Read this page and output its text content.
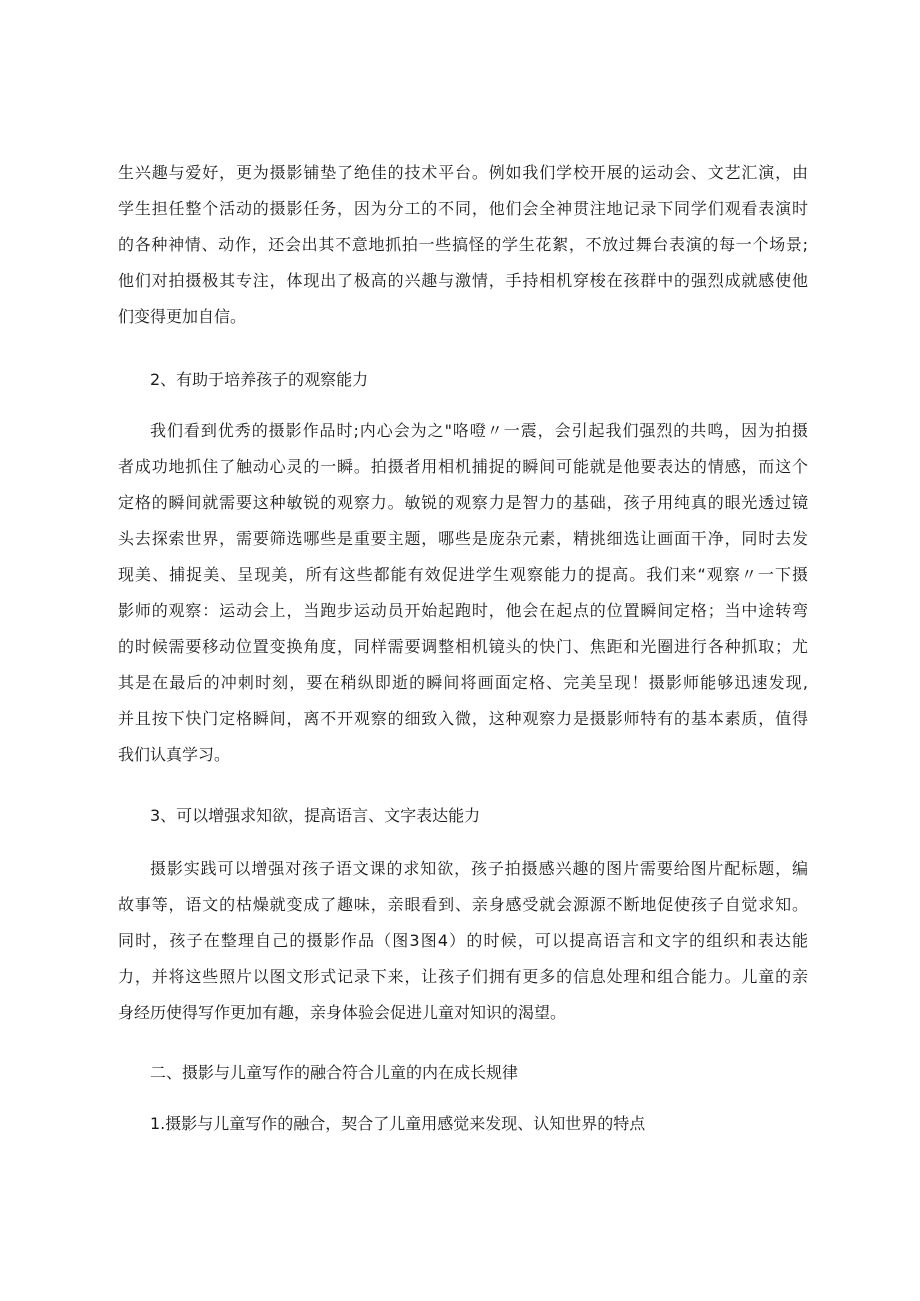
生兴趣与爱好，更为摄影铺垫了绝佳的技术平台。例如我们学校开展的运动会、文艺汇演，由
学生担任整个活动的摄影任务，因为分工的不同，他们会全神贯注地记录下同学们观看表演时
的各种神情、动作，还会出其不意地抓拍一些搞怪的学生花絮，不放过舞台表演的每一个场景;
他们对拍摄极其专注，体现出了极高的兴趣与激情，手持相机穿梭在孩群中的强烈成就感使他
们变得更加自信。
2、有助于培养孩子的观察能力
我们看到优秀的摄影作品时;内心会为之"咯噔〃一震，会引起我们强烈的共鸣，因为拍摄
者成功地抓住了触动心灵的一瞬。拍摄者用相机捕捉的瞬间可能就是他要表达的情感，而这个
定格的瞬间就需要这种敏锐的观察力。敏锐的观察力是智力的基础，孩子用纯真的眼光透过镜
头去探索世界，需要筛选哪些是重要主题，哪些是庞杂元素，精挑细选让画面干净，同时去发
现美、捕捉美、呈现美，所有这些都能有效促进学生观察能力的提高。我们来“观察〃一下摄
影师的观察：运动会上，当跑步运动员开始起跑时，他会在起点的位置瞬间定格；当中途转弯
的时候需要移动位置变换角度，同样需要调整相机镜头的快门、焦距和光圈进行各种抓取；尤
其是在最后的冲刺时刻，要在稍纵即逝的瞬间将画面定格、完美呈现！摄影师能够迅速发现,
并且按下快门定格瞬间，离不开观察的细致入微，这种观察力是摄影师特有的基本素质，值得
我们认真学习。
3、可以增强求知欲，提高语言、文字表达能力
摄影实践可以增强对孩子语文课的求知欲，孩子拍摄感兴趣的图片需要给图片配标题，编
故事等，语文的枯燥就变成了趣味，亲眼看到、亲身感受就会源源不断地促使孩子自觉求知。
同时，孩子在整理自己的摄影作品（图3图4）的时候，可以提高语言和文字的组织和表达能
力，并将这些照片以图文形式记录下来，让孩子们拥有更多的信息处理和组合能力。儿童的亲
身经历使得写作更加有趣，亲身体验会促进儿童对知识的渴望。
二、摄影与儿童写作的融合符合儿童的内在成长规律
1.摄影与儿童写作的融合，契合了儿童用感觉来发现、认知世界的特点
